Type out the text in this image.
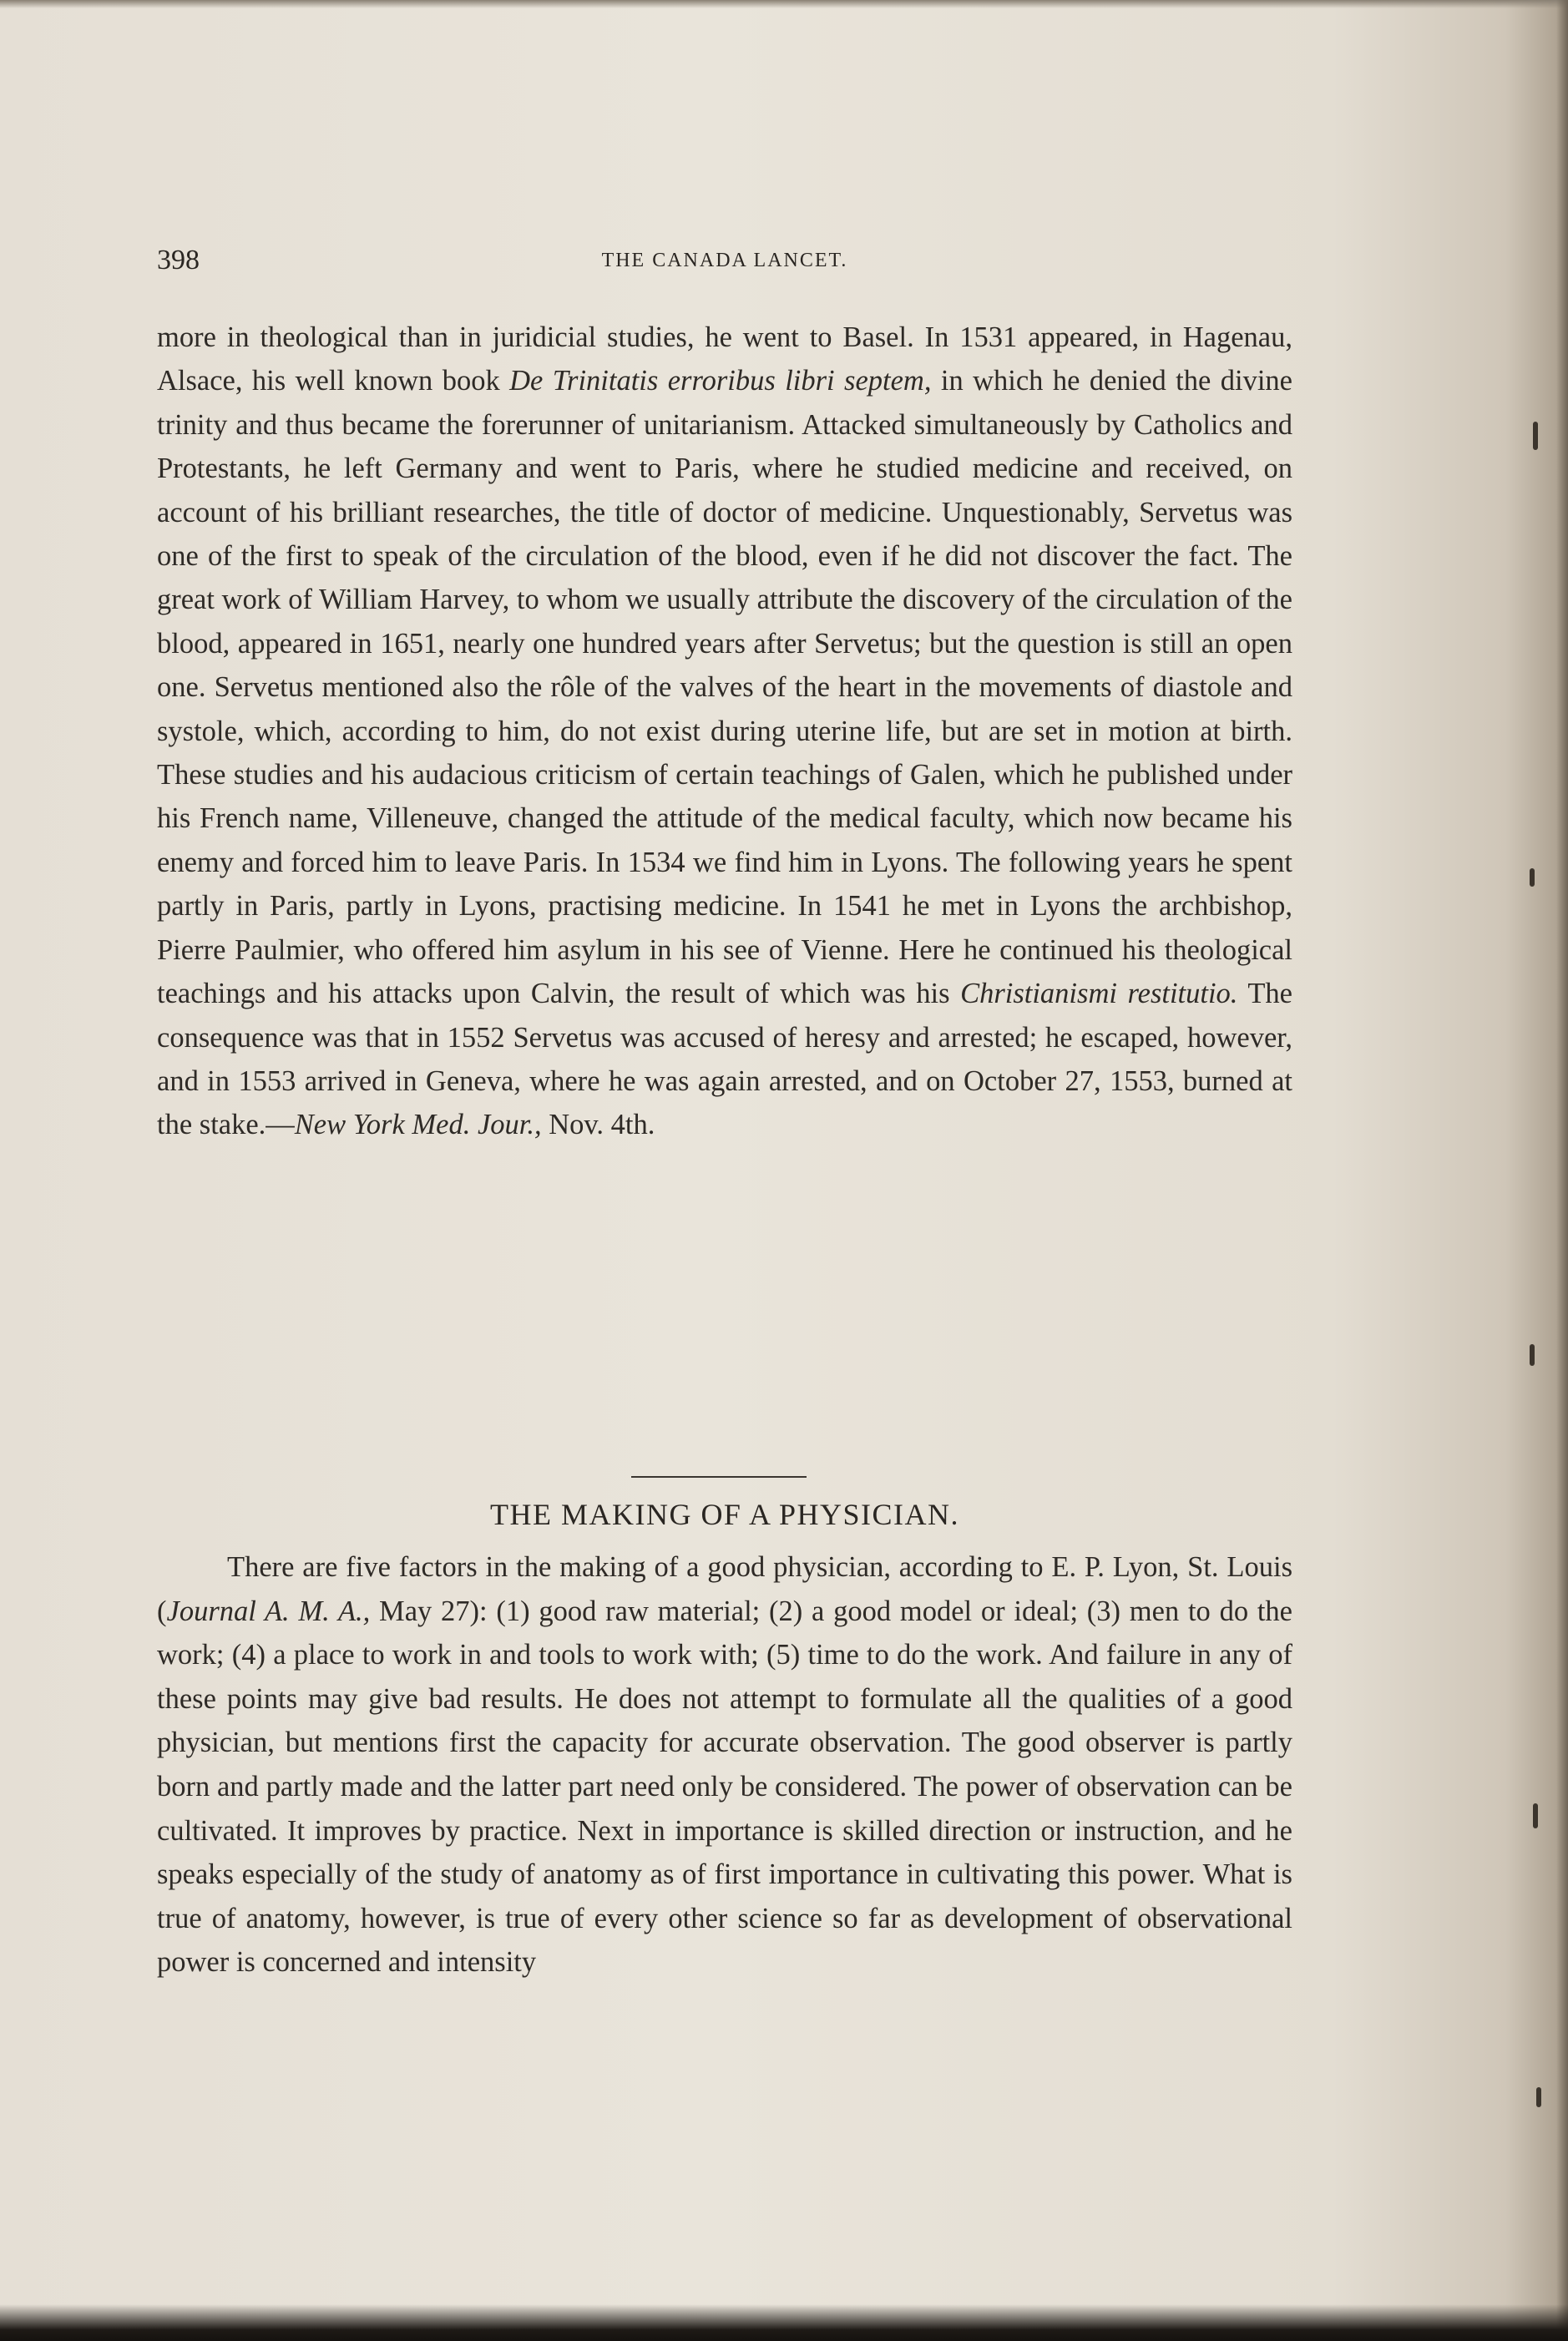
398	THE CANADA LANCET.

more in theological than in juridicial studies, he went to Basel. In 1531 appeared, in Hagenau, Alsace, his well known book De Trinitatis erroribus libri septem, in which he denied the divine trinity and thus became the forerunner of unitarianism. Attacked simultaneously by Catholics and Protestants, he left Germany and went to Paris, where he studied medicine and received, on account of his brilliant researches, the title of doctor of medicine. Unquestionably, Servetus was one of the first to speak of the circulation of the blood, even if he did not discover the fact. The great work of William Harvey, to whom we usually attribute the discovery of the circulation of the blood, appeared in 1651, nearly one hundred years after Servetus; but the question is still an open one. Servetus mentioned also the rôle of the valves of the heart in the movements of diastole and systole, which, according to him, do not exist during uterine life, but are set in motion at birth. These studies and his audacious criticism of certain teachings of Galen, which he published under his French name, Villeneuve, changed the attitude of the medical faculty, which now became his enemy and forced him to leave Paris. In 1534 we find him in Lyons. The following years he spent partly in Paris, partly in Lyons, practising medicine. In 1541 he met in Lyons the archbishop, Pierre Paulmier, who offered him asylum in his see of Vienne. Here he continued his theological teachings and his attacks upon Calvin, the result of which was his Christianismi restitutio. The consequence was that in 1552 Servetus was accused of heresy and arrested; he escaped, however, and in 1553 arrived in Geneva, where he was again arrested, and on October 27, 1553, burned at the stake.—New York Med. Jour., Nov. 4th.

THE MAKING OF A PHYSICIAN.

There are five factors in the making of a good physician, according to E. P. Lyon, St. Louis (Journal A. M. A., May 27): (1) good raw material; (2) a good model or ideal; (3) men to do the work; (4) a place to work in and tools to work with; (5) time to do the work. And failure in any of these points may give bad results. He does not attempt to formulate all the qualities of a good physician, but mentions first the capacity for accurate observation. The good observer is partly born and partly made and the latter part need only be considered. The power of observation can be cultivated. It improves by practice. Next in importance is skilled direction or instruction, and he speaks especially of the study of anatomy as of first importance in cultivating this power. What is true of anatomy, however, is true of every other science so far as development of observational power is concerned and intensity
